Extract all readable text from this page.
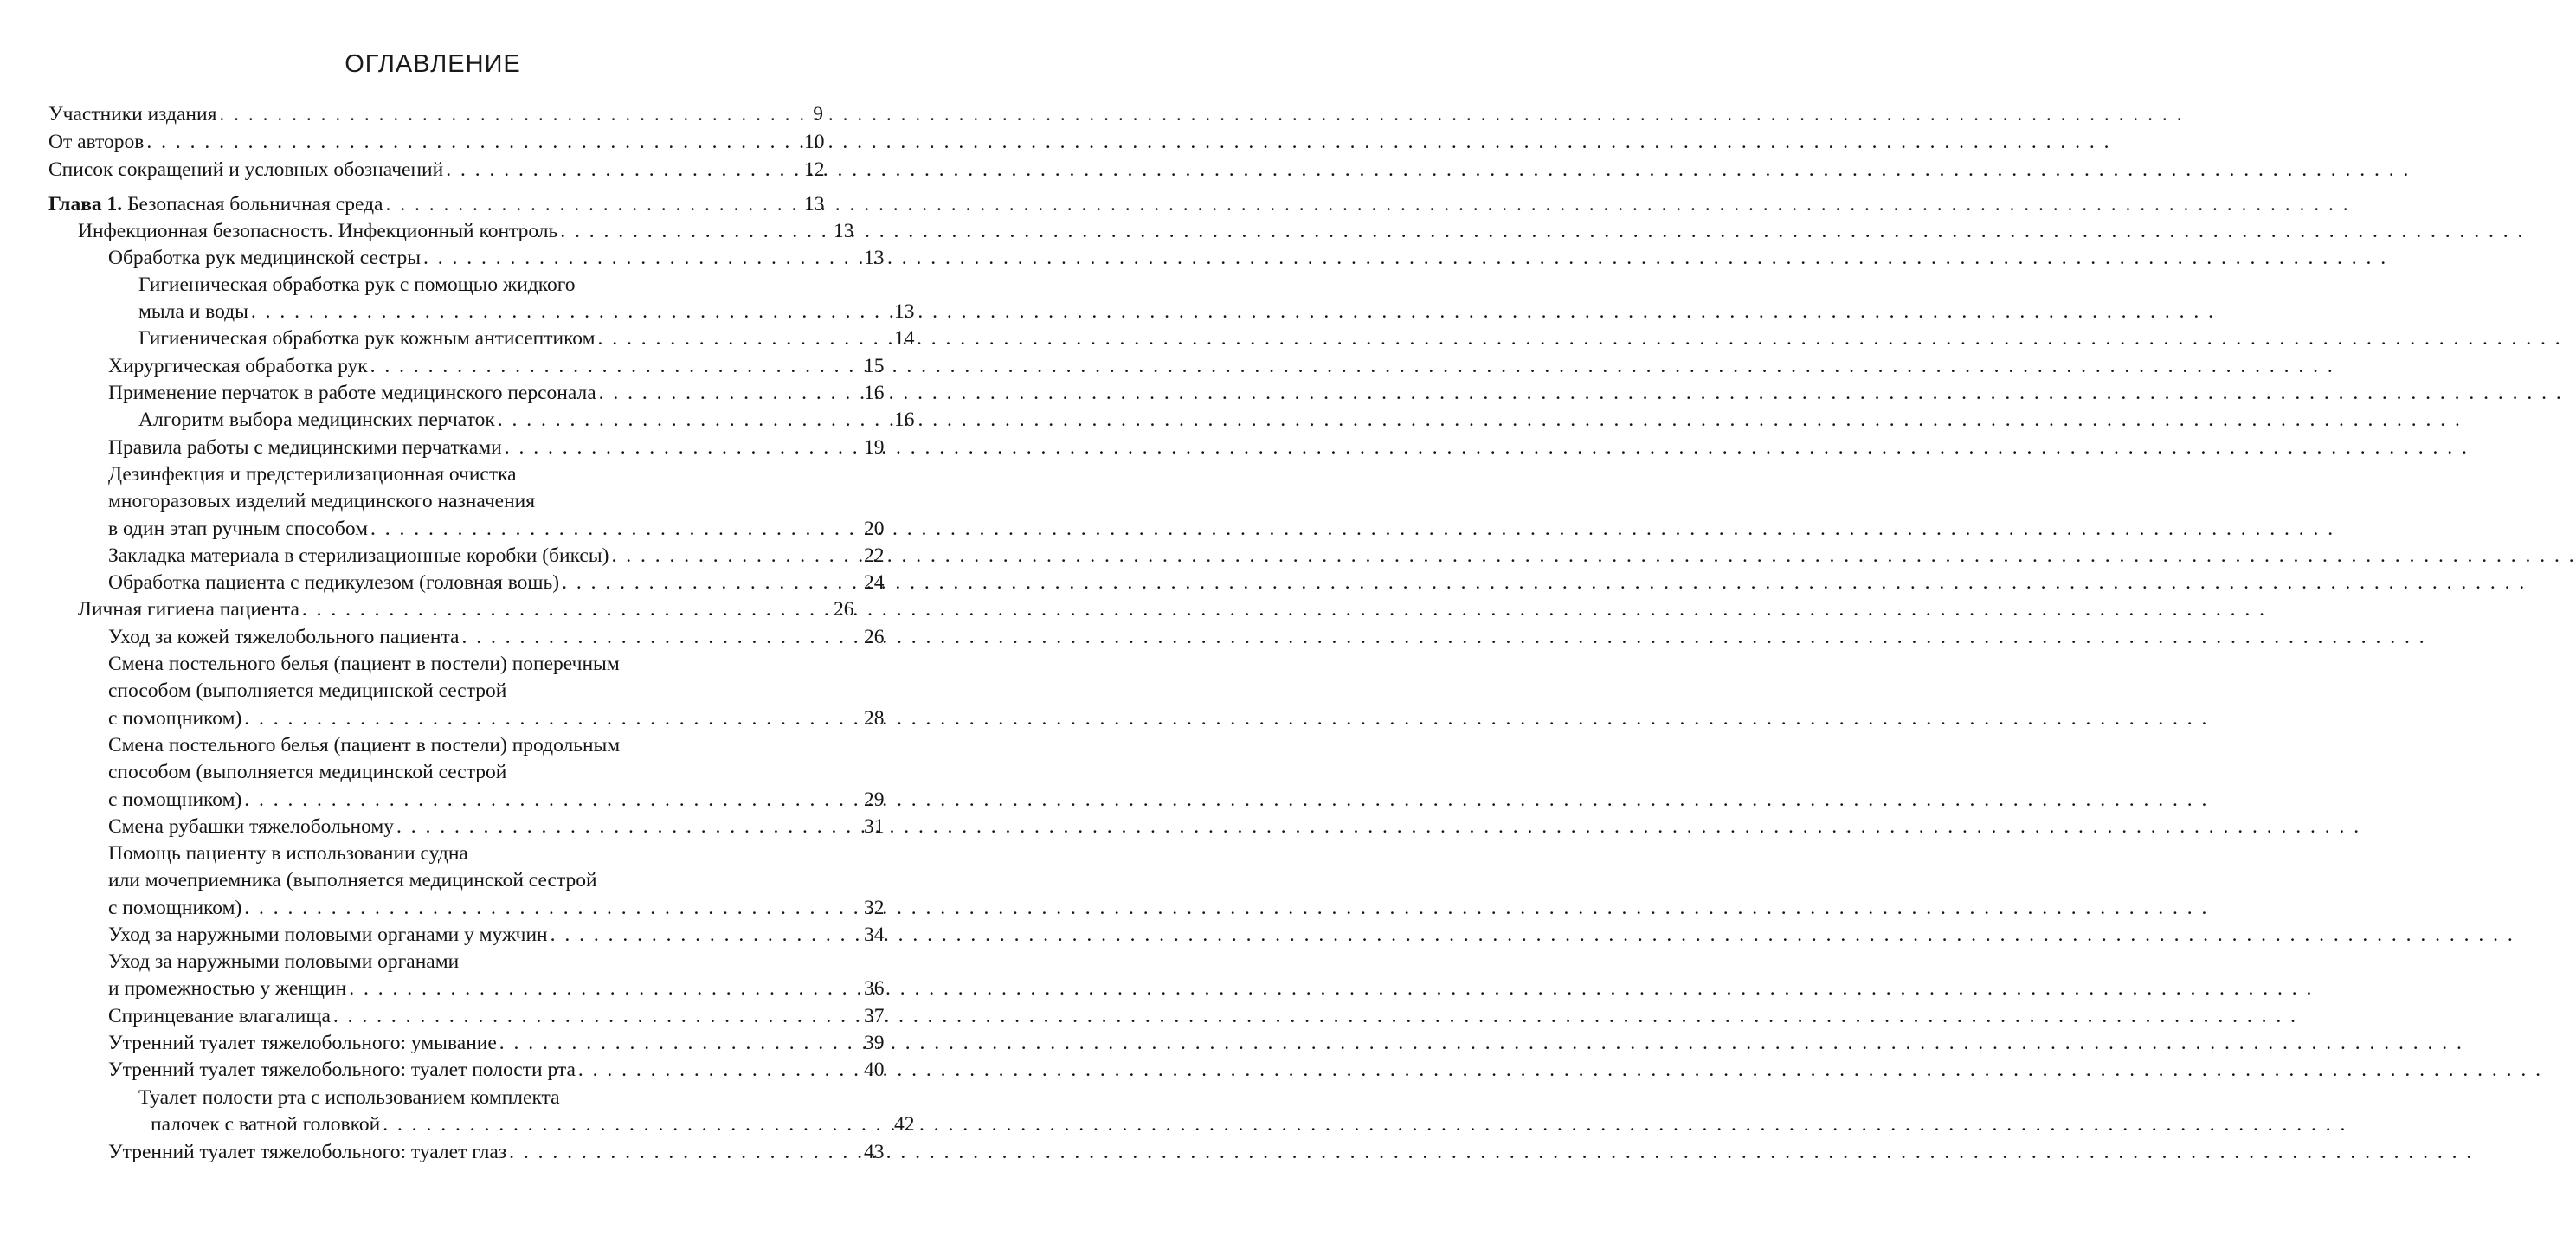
ОГЛАВЛЕНИЕ
Участники издания . . .	9
От авторов . . .	10
Список сокращений и условных обозначений . . .	12
Глава 1. Безопасная больничная среда . . .	13
Инфекционная безопасность. Инфекционный контроль . . .	13
Обработка рук медицинской сестры . . .	13
Гигиеническая обработка рук с помощью жидкого
мыла и воды . . .	13
Гигиеническая обработка рук кожным антисептиком . . .	14
Хирургическая обработка рук . . .	15
Применение перчаток в работе медицинского персонала . . .	16
Алгоритм выбора медицинских перчаток . . .	16
Правила работы с медицинскими перчатками . . .	19
Дезинфекция и предстерилизационная очистка
многоразовых изделий медицинского назначения
в один этап ручным способом . . .	20
Закладка материала в стерилизационные коробки (биксы) . . .	22
Обработка пациента с педикулезом (головная вошь) . . .	24
Личная гигиена пациента . . .	26
Уход за кожей тяжелобольного пациента . . .	26
Смена постельного белья (пациент в постели) поперечным
способом (выполняется медицинской сестрой
с помощником) . . .	28
Смена постельного белья (пациент в постели) продольным
способом (выполняется медицинской сестрой
с помощником) . . .	29
Смена рубашки тяжелобольному . . .	31
Помощь пациенту в использовании судна
или мочеприемника (выполняется медицинской сестрой
с помощником) . . .	32
Уход за наружными половыми органами у мужчин . . .	34
Уход за наружными половыми органами
и промежностью у женщин . . .	36
Спринцевание влагалища . . .	37
Утренний туалет тяжелобольного: умывание . . .	39
Утренний туалет тяжелобольного: туалет полости рта . . .	40
Туалет полости рта с использованием комплекта
палочек с ватной головкой . . .	42
Утренний туалет тяжелобольного: туалет глаз . . .	43
